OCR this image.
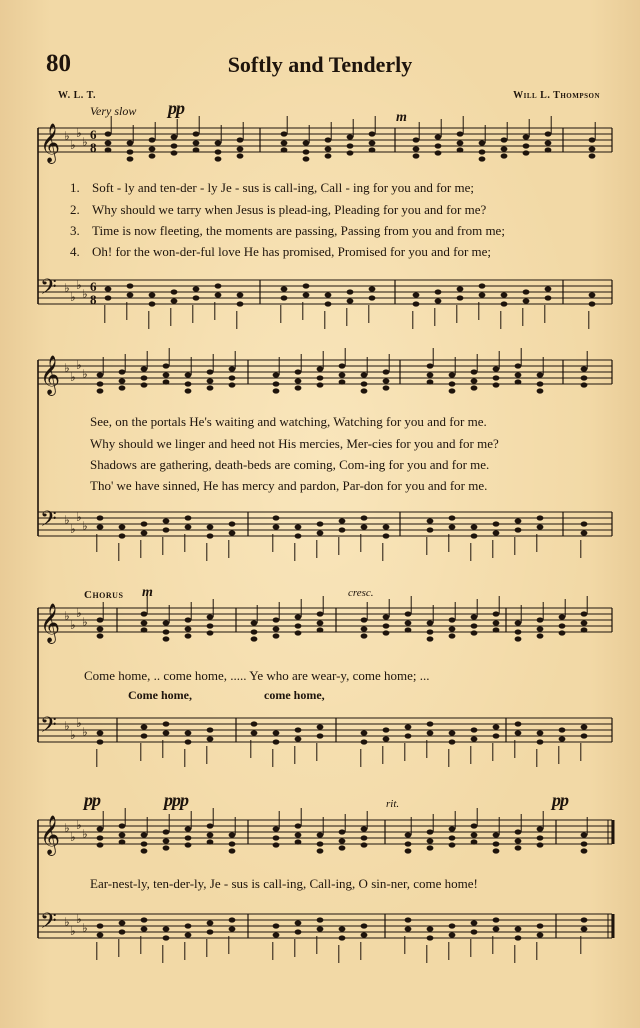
80	Softly and Tenderly
W. L. T.	Will L. Thompson
Very slow pp	m
𝄞 ♭
♭
♭
♭ 6
8
𝄢 ♭
♭
♭
♭ 6
8
𝄞 ♭
♭
♭
♭
𝄢 ♭
♭
♭
♭
𝄞 ♭
♭
♭
♭
𝄢 ♭
♭
♭
♭
𝄞 ♭
♭
♭
♭
𝄢 ♭
♭
♭
♭
1. Soft - ly and ten-der - ly Je - sus is call-ing, Call - ing for you and for me;
2. Why should we tarry when Jesus is plead-ing, Pleading for you and for me?
3. Time is now fleeting, the moments are passing, Passing from you and from me;
4. Oh! for the won-der-ful love He has promised, Promised for you and for me;
See, on the portals He's waiting and watching, Watching for you and for me.
Why should we linger and heed not His mercies, Mer-cies for you and for me?
Shadows are gathering, death-beds are coming, Com-ing for you and for me.
Tho' we have sinned, He has mercy and pardon, Par-don for you and for me.
Chorus m	cresc.
Come home, .. come home, ..... Ye who are wear-y, come home; ...
Come home,	come home,
pp	ppp	rit.	pp
Ear-nest-ly, ten-der-ly, Je - sus is call-ing, Call-ing, O sin-ner, come home!
